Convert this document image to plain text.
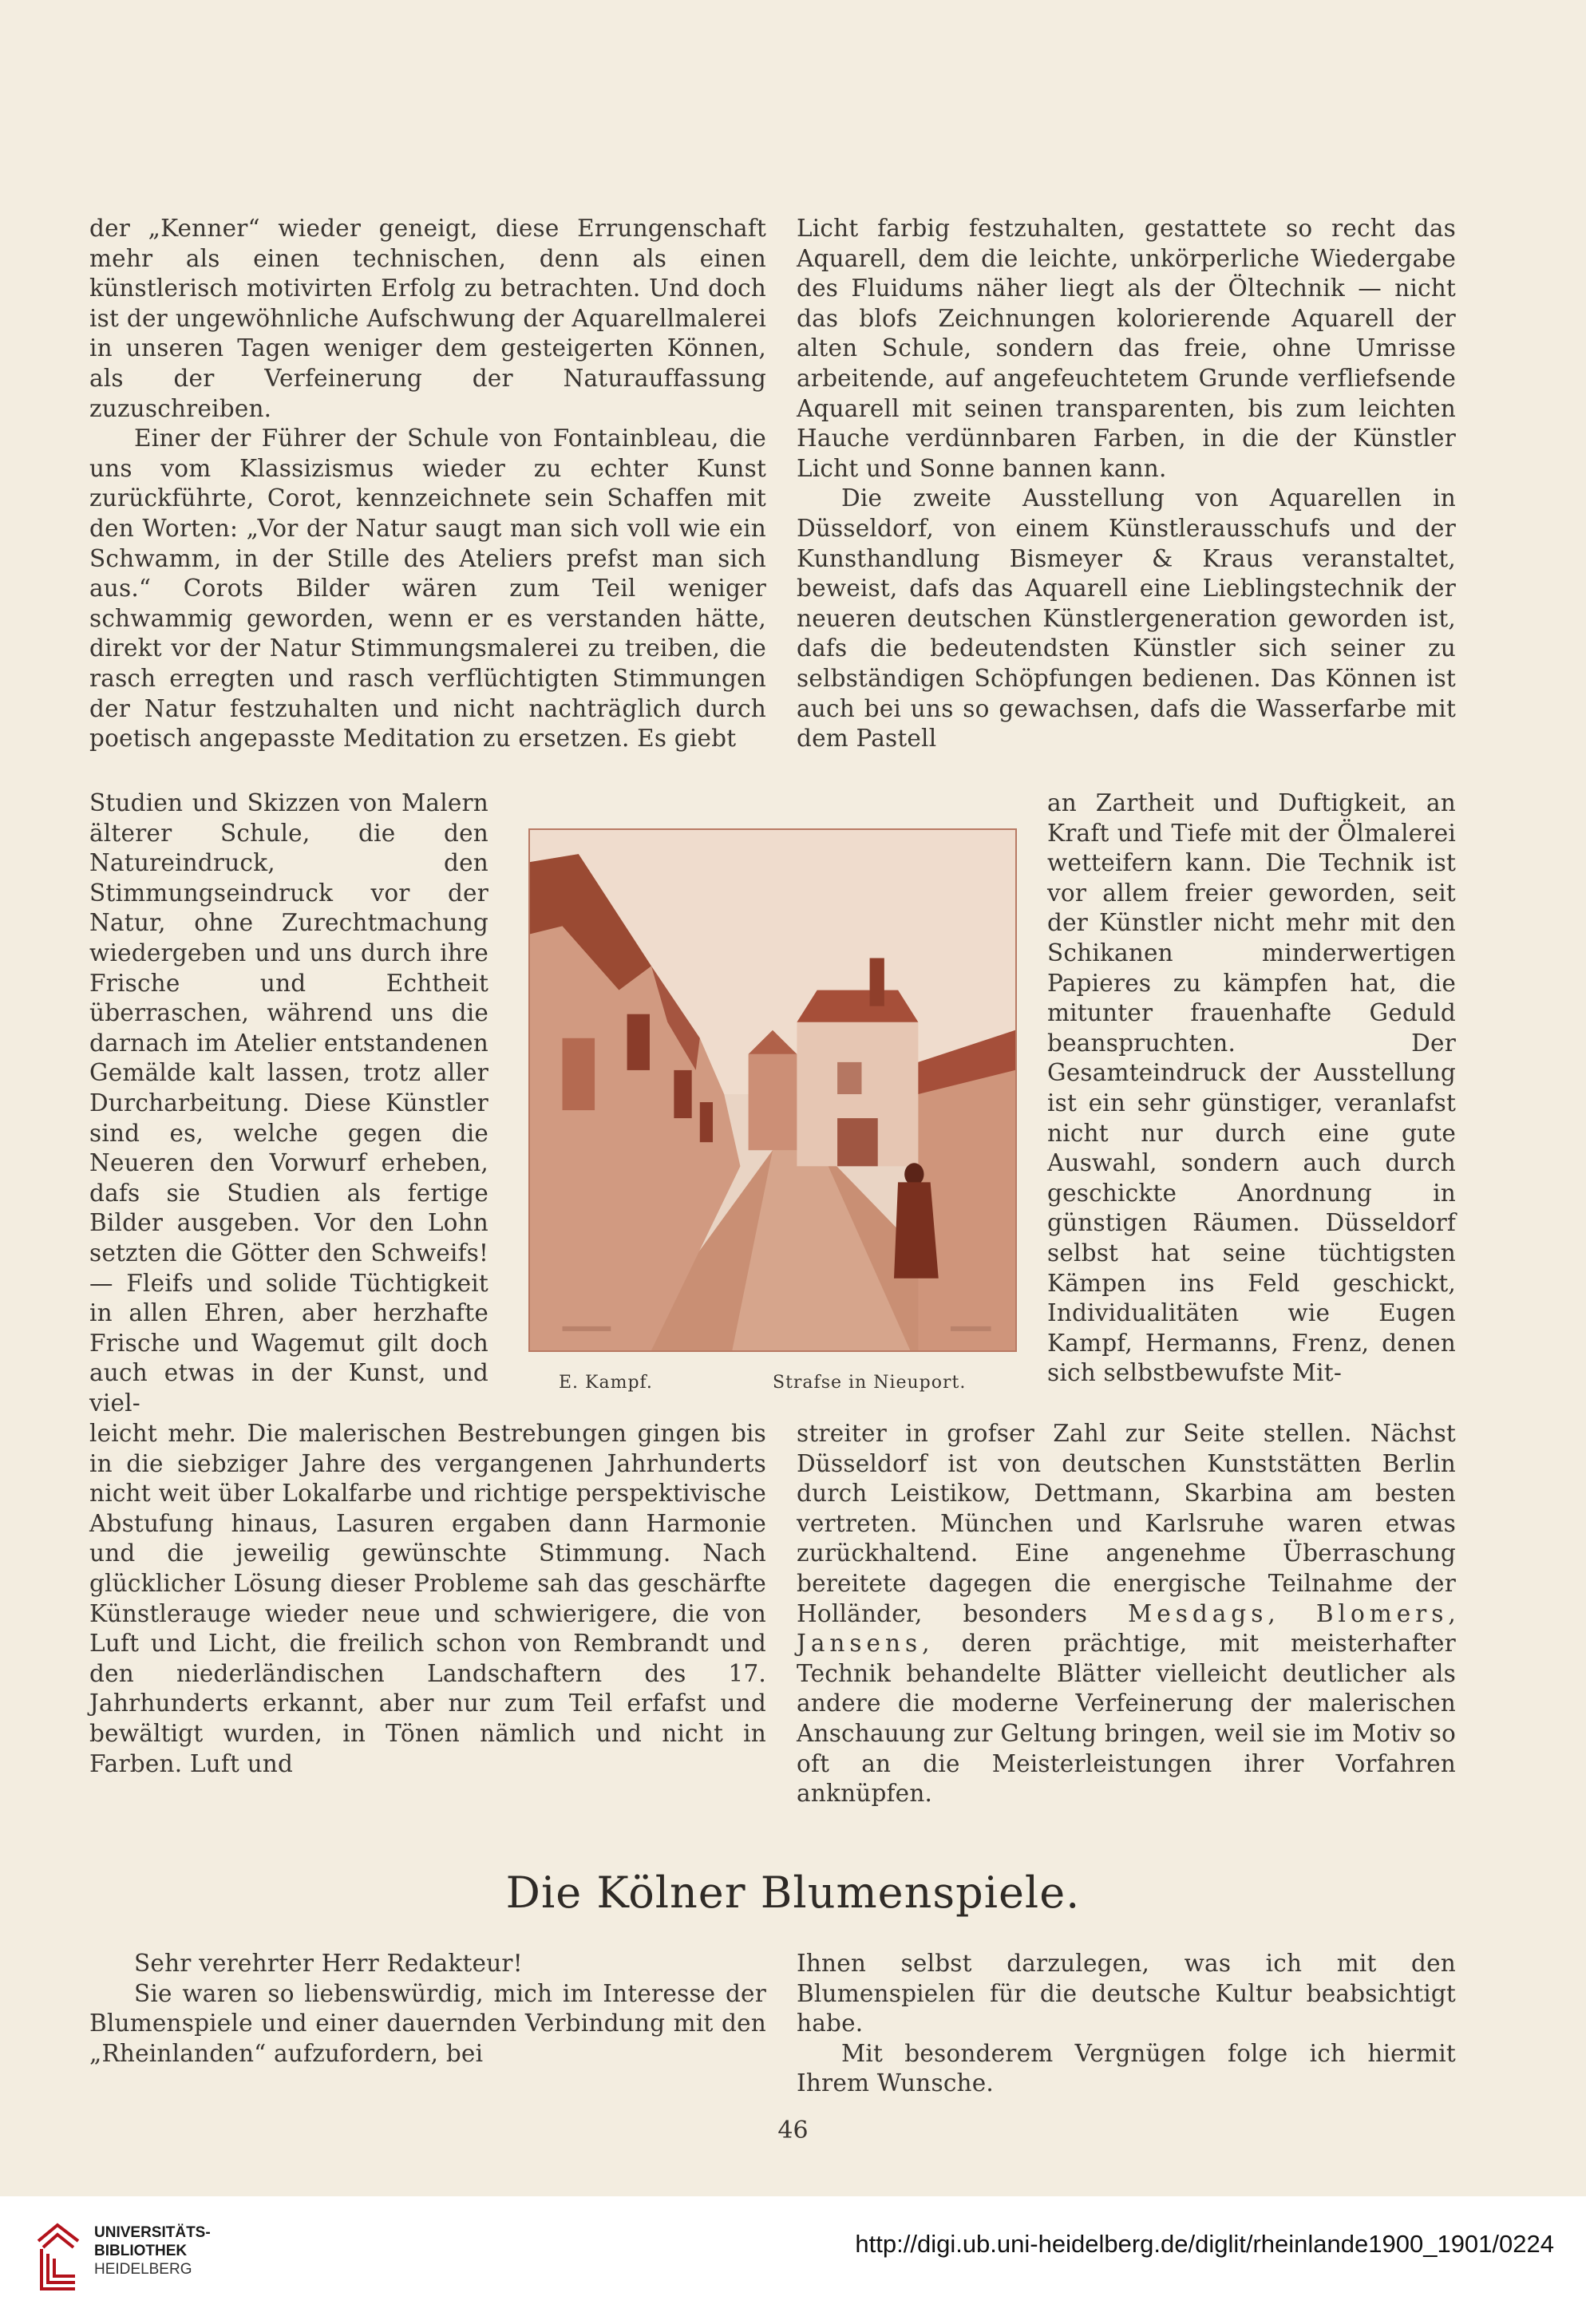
der „Kenner“ wieder geneigt, diese Errungenschaft mehr als einen technischen, denn als einen künstlerisch motivirten Erfolg zu betrachten. Und doch ist der ungewöhnliche Aufschwung der Aquarellmalerei in unseren Tagen weniger dem gesteigerten Können, als der Verfeinerung der Naturauffassung zuzuschreiben.

Einer der Führer der Schule von Fontainbleau, die uns vom Klassizismus wieder zu echter Kunst zurückführte, Corot, kennzeichnete sein Schaffen mit den Worten: „Vor der Natur saugt man sich voll wie ein Schwamm, in der Stille des Ateliers prefst man sich aus.“ Corots Bilder wären zum Teil weniger schwammig geworden, wenn er es verstanden hätte, direkt vor der Natur Stimmungsmalerei zu treiben, die rasch erregten und rasch verflüchtigten Stimmungen der Natur festzuhalten und nicht nachträglich durch poetisch angepasste Meditation zu ersetzen. Es giebt

Licht farbig festzuhalten, gestattete so recht das Aquarell, dem die leichte, unkörperliche Wiedergabe des Fluidums näher liegt als der Öltechnik — nicht das blofs Zeichnungen kolorierende Aquarell der alten Schule, sondern das freie, ohne Umrisse arbeitende, auf angefeuchtetem Grunde verfliefsende Aquarell mit seinen transparenten, bis zum leichten Hauche verdünnbaren Farben, in die der Künstler Licht und Sonne bannen kann.

Die zweite Ausstellung von Aquarellen in Düsseldorf, von einem Künstlerausschufs und der Kunsthandlung Bismeyer & Kraus veranstaltet, beweist, dafs das Aquarell eine Lieblingstechnik der neueren deutschen Künstlergeneration geworden ist, dafs die bedeutendsten Künstler sich seiner zu selbständigen Schöpfungen bedienen. Das Können ist auch bei uns so gewachsen, dafs die Wasserfarbe mit dem Pastell

Studien und Skizzen von Malern älterer Schule, die den Natureindruck, den Stimmungseindruck vor der Natur, ohne Zurechtmachung wiedergeben und uns durch ihre Frische und Echtheit überraschen, während uns die darnach im Atelier entstandenen Gemälde kalt lassen, trotz aller Durcharbeitung. Diese Künstler sind es, welche gegen die Neueren den Vorwurf erheben, dafs sie Studien als fertige Bilder ausgeben. Vor den Lohn setzten die Götter den Schweifs! — Fleifs und solide Tüchtigkeit in allen Ehren, aber herzhafte Frische und Wagemut gilt doch auch etwas in der Kunst, und viel-

E. Kampf.	Strafse in Nieuport.

an Zartheit und Duftigkeit, an Kraft und Tiefe mit der Ölmalerei wetteifern kann. Die Technik ist vor allem freier geworden, seit der Künstler nicht mehr mit den Schikanen minderwertigen Papieres zu kämpfen hat, die mitunter frauenhafte Geduld beanspruchten. Der Gesamteindruck der Ausstellung ist ein sehr günstiger, veranlafst nicht nur durch eine gute Auswahl, sondern auch durch geschickte Anordnung in günstigen Räumen. Düsseldorf selbst hat seine tüchtigsten Kämpen ins Feld geschickt, Individualitäten wie Eugen Kampf, Hermanns, Frenz, denen sich selbstbewufste Mit-

leicht mehr. Die malerischen Bestrebungen gingen bis in die siebziger Jahre des vergangenen Jahrhunderts nicht weit über Lokalfarbe und richtige perspektivische Abstufung hinaus, Lasuren ergaben dann Harmonie und die jeweilig gewünschte Stimmung. Nach glücklicher Lösung dieser Probleme sah das geschärfte Künstlerauge wieder neue und schwierigere, die von Luft und Licht, die freilich schon von Rembrandt und den niederländischen Landschaftern des 17. Jahrhunderts erkannt, aber nur zum Teil erfafst und bewältigt wurden, in Tönen nämlich und nicht in Farben. Luft und

streiter in grofser Zahl zur Seite stellen. Nächst Düsseldorf ist von deutschen Kunststätten Berlin durch Leistikow, Dettmann, Skarbina am besten vertreten. München und Karlsruhe waren etwas zurückhaltend. Eine angenehme Überraschung bereitete dagegen die energische Teilnahme der Holländer, besonders Mesdags, Blomers, Jansens, deren prächtige, mit meisterhafter Technik behandelte Blätter vielleicht deutlicher als andere die moderne Verfeinerung der malerischen Anschauung zur Geltung bringen, weil sie im Motiv so oft an die Meisterleistungen ihrer Vorfahren anknüpfen.

Die Kölner Blumenspiele.

Sehr verehrter Herr Redakteur!

Sie waren so liebenswürdig, mich im Interesse der Blumenspiele und einer dauernden Verbindung mit den „Rheinlanden“ aufzufordern, bei

Ihnen selbst darzulegen, was ich mit den Blumenspielen für die deutsche Kultur beabsichtigt habe.

Mit besonderem Vergnügen folge ich hiermit Ihrem Wunsche.

46
UNIVERSITÄTS-
BIBLIOTHEK
HEIDELBERG
http://digi.ub.uni-heidelberg.de/diglit/rheinlande1900_1901/0224
